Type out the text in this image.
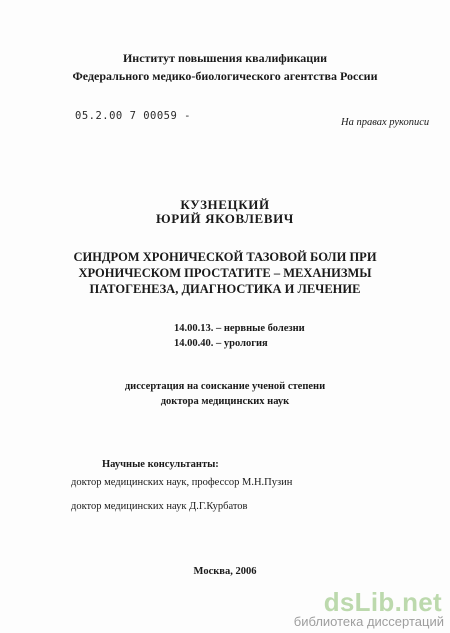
Институт повышения квалификации
Федерального медико-биологического агентства России
05.2.00 7 00059 -
На правах рукописи
КУЗНЕЦКИЙ
ЮРИЙ ЯКОВЛЕВИЧ
СИНДРОМ ХРОНИЧЕСКОЙ ТАЗОВОЙ БОЛИ ПРИ
ХРОНИЧЕСКОМ ПРОСТАТИТЕ – МЕХАНИЗМЫ
ПАТОГЕНЕЗА, ДИАГНОСТИКА И ЛЕЧЕНИЕ
14.00.13. – нервные болезни
14.00.40. – урология
диссертация на соискание ученой степени
доктора медицинских наук
Научные консультанты:
доктор медицинских наук, профессор М.Н.Пузин
доктор медицинских наук Д.Г.Курбатов
Москва, 2006
dsLib.net
библиотека диссертаций
